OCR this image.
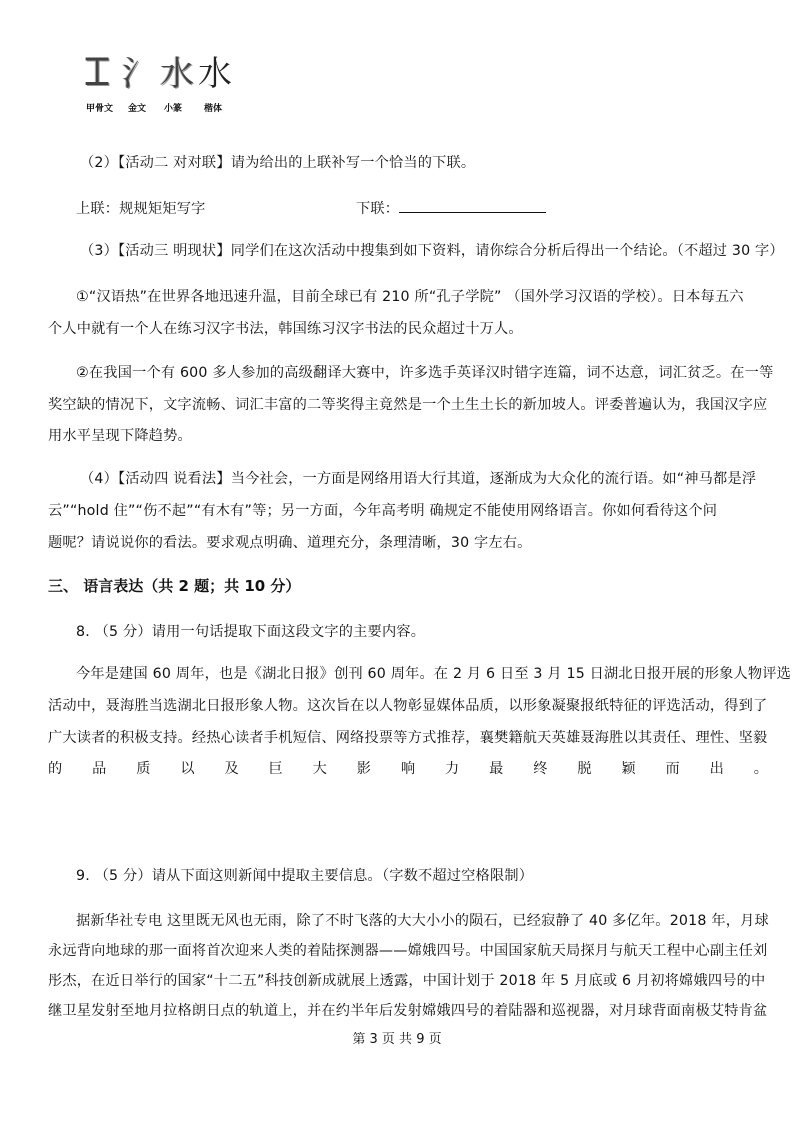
𐊈 氵 水 水
甲骨文 金文 小篆 楷体
（2）【活动二 对对联】请为给出的上联补写一个恰当的下联。
上联：规规矩矩写字	下联：
（3）【活动三 明现状】同学们在这次活动中搜集到如下资料，请你综合分析后得出一个结论。（不超过 30 字）
①“汉语热”在世界各地迅速升温，目前全球已有 210 所“孔子学院” （国外学习汉语的学校）。日本每五六
个人中就有一个人在练习汉字书法，韩国练习汉字书法的民众超过十万人。
②在我国一个有 600 多人参加的高级翻译大赛中，许多选手英译汉时错字连篇，词不达意，词汇贫乏。在一等
奖空缺的情况下，文字流畅、词汇丰富的二等奖得主竟然是一个土生土长的新加坡人。评委普遍认为，我国汉字应
用水平呈现下降趋势。
（4）【活动四 说看法】当今社会，一方面是网络用语大行其道，逐渐成为大众化的流行语。如“神马都是浮
云”“hold 住”“伤不起”“有木有”等；另一方面，今年高考明 确规定不能使用网络语言。你如何看待这个问
题呢？请说说你的看法。要求观点明确、道理充分，条理清晰，30 字左右。
三、 语言表达（共 2 题；共 10 分）
8. （5 分）请用一句话提取下面这段文字的主要内容。
今年是建国 60 周年，也是《湖北日报》创刊 60 周年。在 2 月 6 日至 3 月 15 日湖北日报开展的形象人物评选
活动中，聂海胜当选湖北日报形象人物。这次旨在以人物彰显媒体品质，以形象凝聚报纸特征的评选活动，得到了
广大读者的积极支持。经热心读者手机短信、网络投票等方式推荐，襄樊籍航天英雄聂海胜以其责任、理性、坚毅
的 品 质 以 及 巨 大 影 响 力 最 终 脱 颖 而 出 。
9. （5 分）请从下面这则新闻中提取主要信息。（字数不超过空格限制）
据新华社专电 这里既无风也无雨，除了不时飞落的大大小小的陨石，已经寂静了 40 多亿年。2018 年，月球
永远背向地球的那一面将首次迎来人类的着陆探测器——嫦娥四号。中国国家航天局探月与航天工程中心副主任刘
彤杰，在近日举行的国家“十二五”科技创新成就展上透露，中国计划于 2018 年 5 月底或 6 月初将嫦娥四号的中
继卫星发射至地月拉格朗日点的轨道上，并在约半年后发射嫦娥四号的着陆器和巡视器，对月球背面南极艾特肯盆
第 3 页 共 9 页
